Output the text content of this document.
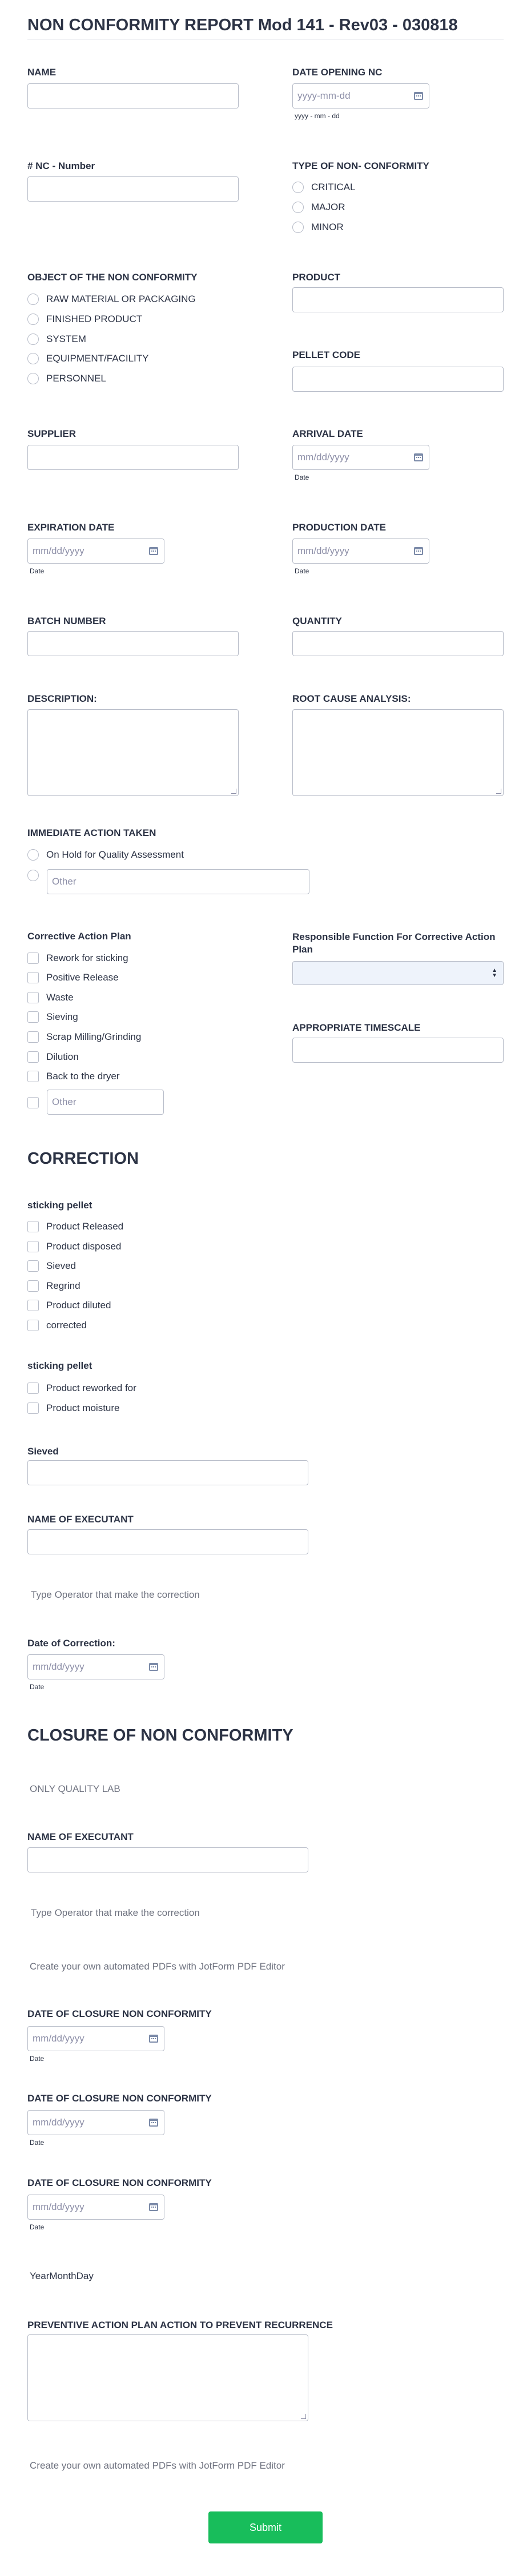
NON CONFORMITY REPORT Mod 141 - Rev03 - 030818
NAME	DATE OPENING NC
yyyy-mm-dd
yyyy - mm - dd
# NC - Number	TYPE OF NON- CONFORMITY
CRITICAL
MAJOR
MINOR
OBJECT OF THE NON CONFORMITY
RAW MATERIAL OR PACKAGING
FINISHED PRODUCT
SYSTEM
EQUIPMENT/FACILITY
PERSONNEL
PRODUCT
PELLET CODE
SUPPLIER	ARRIVAL DATE
mm/dd/yyyy
Date
EXPIRATION DATE
mm/dd/yyyy
Date
PRODUCTION DATE
mm/dd/yyyy
Date
BATCH NUMBER	QUANTITY
DESCRIPTION:	ROOT CAUSE ANALYSIS:
IMMEDIATE ACTION TAKEN
On Hold for Quality Assessment
Other
Corrective Action Plan
Rework for sticking
Positive Release
Waste
Sieving
Scrap Milling/Grinding
Dilution
Back to the dryer
Other
Responsible Function For Corrective Action Plan
▲
▼
APPROPRIATE TIMESCALE
CORRECTION
sticking pellet
Product Released
Product disposed
Sieved
Regrind
Product diluted
corrected
sticking pellet
Product reworked for
Product moisture
Sieved
NAME OF EXECUTANT
Type Operator that make the correction
Date of Correction:
mm/dd/yyyy
Date
CLOSURE OF NON CONFORMITY
ONLY QUALITY LAB
NAME OF EXECUTANT
Type Operator that make the correction
Create your own automated PDFs with JotForm PDF Editor
DATE OF CLOSURE NON CONFORMITY
mm/dd/yyyy
Date
DATE OF CLOSURE NON CONFORMITY
mm/dd/yyyy
Date
DATE OF CLOSURE NON CONFORMITY
mm/dd/yyyy
Date
YearMonthDay
PREVENTIVE ACTION PLAN ACTION TO PREVENT RECURRENCE
Create your own automated PDFs with JotForm PDF Editor
Submit
